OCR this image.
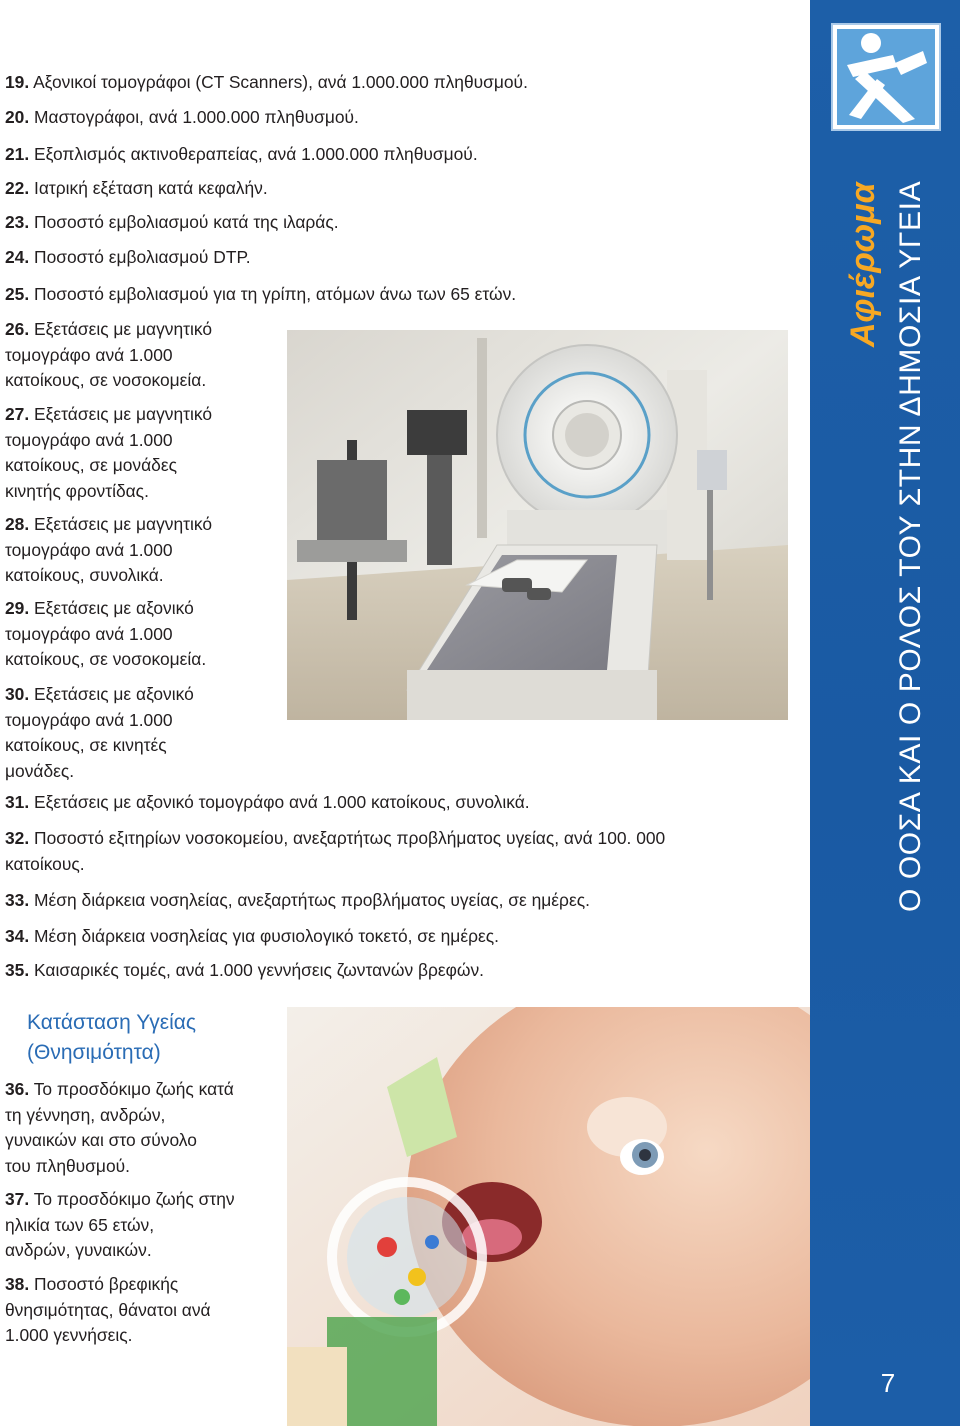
19. Αξονικοί τομογράφοι (CT Scanners), ανά 1.000.000 πληθυσμού.

20. Μαστογράφοι, ανά 1.000.000 πληθυσμού.

21. Εξοπλισμός ακτινοθεραπείας, ανά 1.000.000 πληθυσμού.

22. Ιατρική εξέταση κατά κεφαλήν.

23. Ποσοστό εμβολιασμού κατά της ιλαράς.

24. Ποσοστό εμβολιασμού DTP.

25. Ποσοστό εμβολιασμού για τη γρίπη, ατόμων άνω των 65 ετών.

26. Εξετάσεις με μαγνητικό
τομογράφο ανά 1.000
κατοίκους, σε νοσοκομεία.

27. Εξετάσεις με μαγνητικό
τομογράφο ανά 1.000
κατοίκους, σε μονάδες
κινητής φροντίδας.

28. Εξετάσεις με μαγνητικό
τομογράφο ανά 1.000
κατοίκους, συνολικά.

29. Εξετάσεις με αξονικό
τομογράφο ανά 1.000
κατοίκους, σε νοσοκομεία.

30. Εξετάσεις με αξονικό
τομογράφο ανά 1.000
κατοίκους, σε κινητές
μονάδες.

31. Εξετάσεις με αξονικό τομογράφο ανά 1.000 κατοίκους, συνολικά.

32. Ποσοστό εξιτηρίων νοσοκομείου, ανεξαρτήτως προβλήματος υγείας, ανά 100. 000
κατοίκους.

33. Μέση διάρκεια νοσηλείας, ανεξαρτήτως προβλήματος υγείας, σε ημέρες.

34. Μέση διάρκεια νοσηλείας για φυσιολογικό τοκετό, σε ημέρες.

35. Καισαρικές τομές, ανά 1.000 γεννήσεις ζωντανών βρεφών.

Κατάσταση Υγείας
(Θνησιμότητα)

36. Το προσδόκιμο ζωής κατά
τη γέννηση, ανδρών,
γυναικών και στο σύνολο
του πληθυσμού.

37. Το προσδόκιμο ζωής στην
ηλικία των 65 ετών,
ανδρών, γυναικών.

38. Ποσοστό βρεφικής
θνησιμότητας, θάνατοι ανά
1.000 γεννήσεις.

Αφιέρωμα Ο ΟΟΣΑ ΚΑΙ Ο ΡΟΛΟΣ ΤΟΥ ΣΤΗΝ ΔΗΜΟΣΙΑ ΥΓΕΙΑ
7
